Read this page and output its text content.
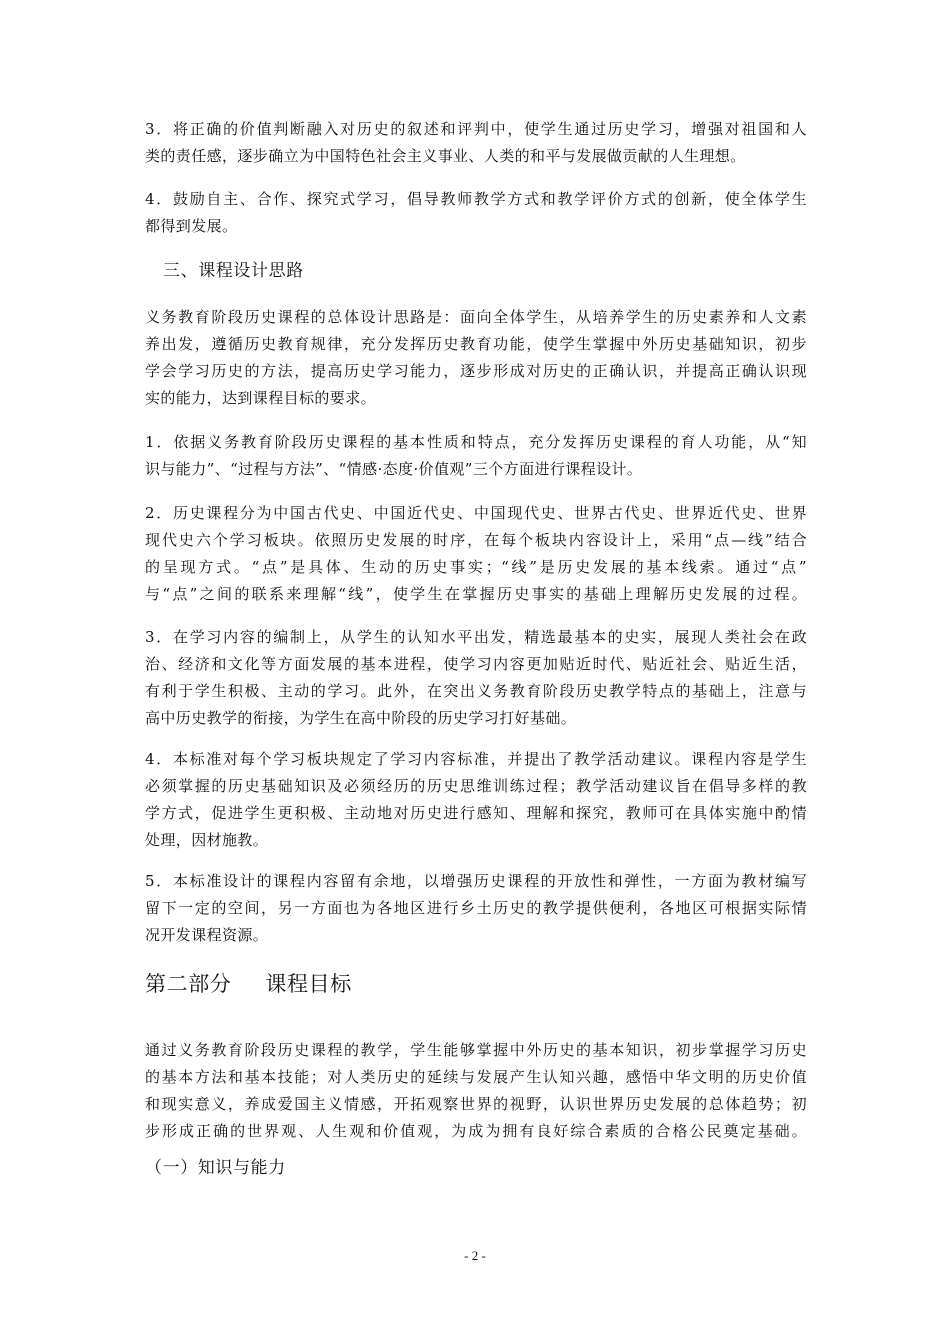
3．将正确的价值判断融入对历史的叙述和评判中，使学生通过历史学习，增强对祖国和人
类的责任感，逐步确立为中国特色社会主义事业、人类的和平与发展做贡献的人生理想。
4．鼓励自主、合作、探究式学习，倡导教师教学方式和教学评价方式的创新，使全体学生
都得到发展。
三、课程设计思路
义务教育阶段历史课程的总体设计思路是：面向全体学生，从培养学生的历史素养和人文素
养出发，遵循历史教育规律，充分发挥历史教育功能，使学生掌握中外历史基础知识，初步
学会学习历史的方法，提高历史学习能力，逐步形成对历史的正确认识，并提高正确认识现
实的能力，达到课程目标的要求。
1．依据义务教育阶段历史课程的基本性质和特点，充分发挥历史课程的育人功能，从“知
识与能力”、“过程与方法”、“情感·态度·价值观”三个方面进行课程设计。
2．历史课程分为中国古代史、中国近代史、中国现代史、世界古代史、世界近代史、世界
现代史六个学习板块。依照历史发展的时序，在每个板块内容设计上，采用“点—线”结合
的呈现方式。“点”是具体、生动的历史事实；“线”是历史发展的基本线索。通过“点”
与“点”之间的联系来理解“线”，使学生在掌握历史事实的基础上理解历史发展的过程。
3．在学习内容的编制上，从学生的认知水平出发，精选最基本的史实，展现人类社会在政
治、经济和文化等方面发展的基本进程，使学习内容更加贴近时代、贴近社会、贴近生活，
有利于学生积极、主动的学习。此外，在突出义务教育阶段历史教学特点的基础上，注意与
高中历史教学的衔接，为学生在高中阶段的历史学习打好基础。
4．本标准对每个学习板块规定了学习内容标准，并提出了教学活动建议。课程内容是学生
必须掌握的历史基础知识及必须经历的历史思维训练过程；教学活动建议旨在倡导多样的教
学方式，促进学生更积极、主动地对历史进行感知、理解和探究，教师可在具体实施中酌情
处理，因材施教。
5．本标准设计的课程内容留有余地，以增强历史课程的开放性和弹性，一方面为教材编写
留下一定的空间，另一方面也为各地区进行乡土历史的教学提供便利，各地区可根据实际情
况开发课程资源。
第二部分 课程目标
通过义务教育阶段历史课程的教学，学生能够掌握中外历史的基本知识，初步掌握学习历史
的基本方法和基本技能；对人类历史的延续与发展产生认知兴趣，感悟中华文明的历史价值
和现实意义，养成爱国主义情感，开拓观察世界的视野，认识世界历史发展的总体趋势；初
步形成正确的世界观、人生观和价值观，为成为拥有良好综合素质的合格公民奠定基础。
（一）知识与能力
- 2 -
